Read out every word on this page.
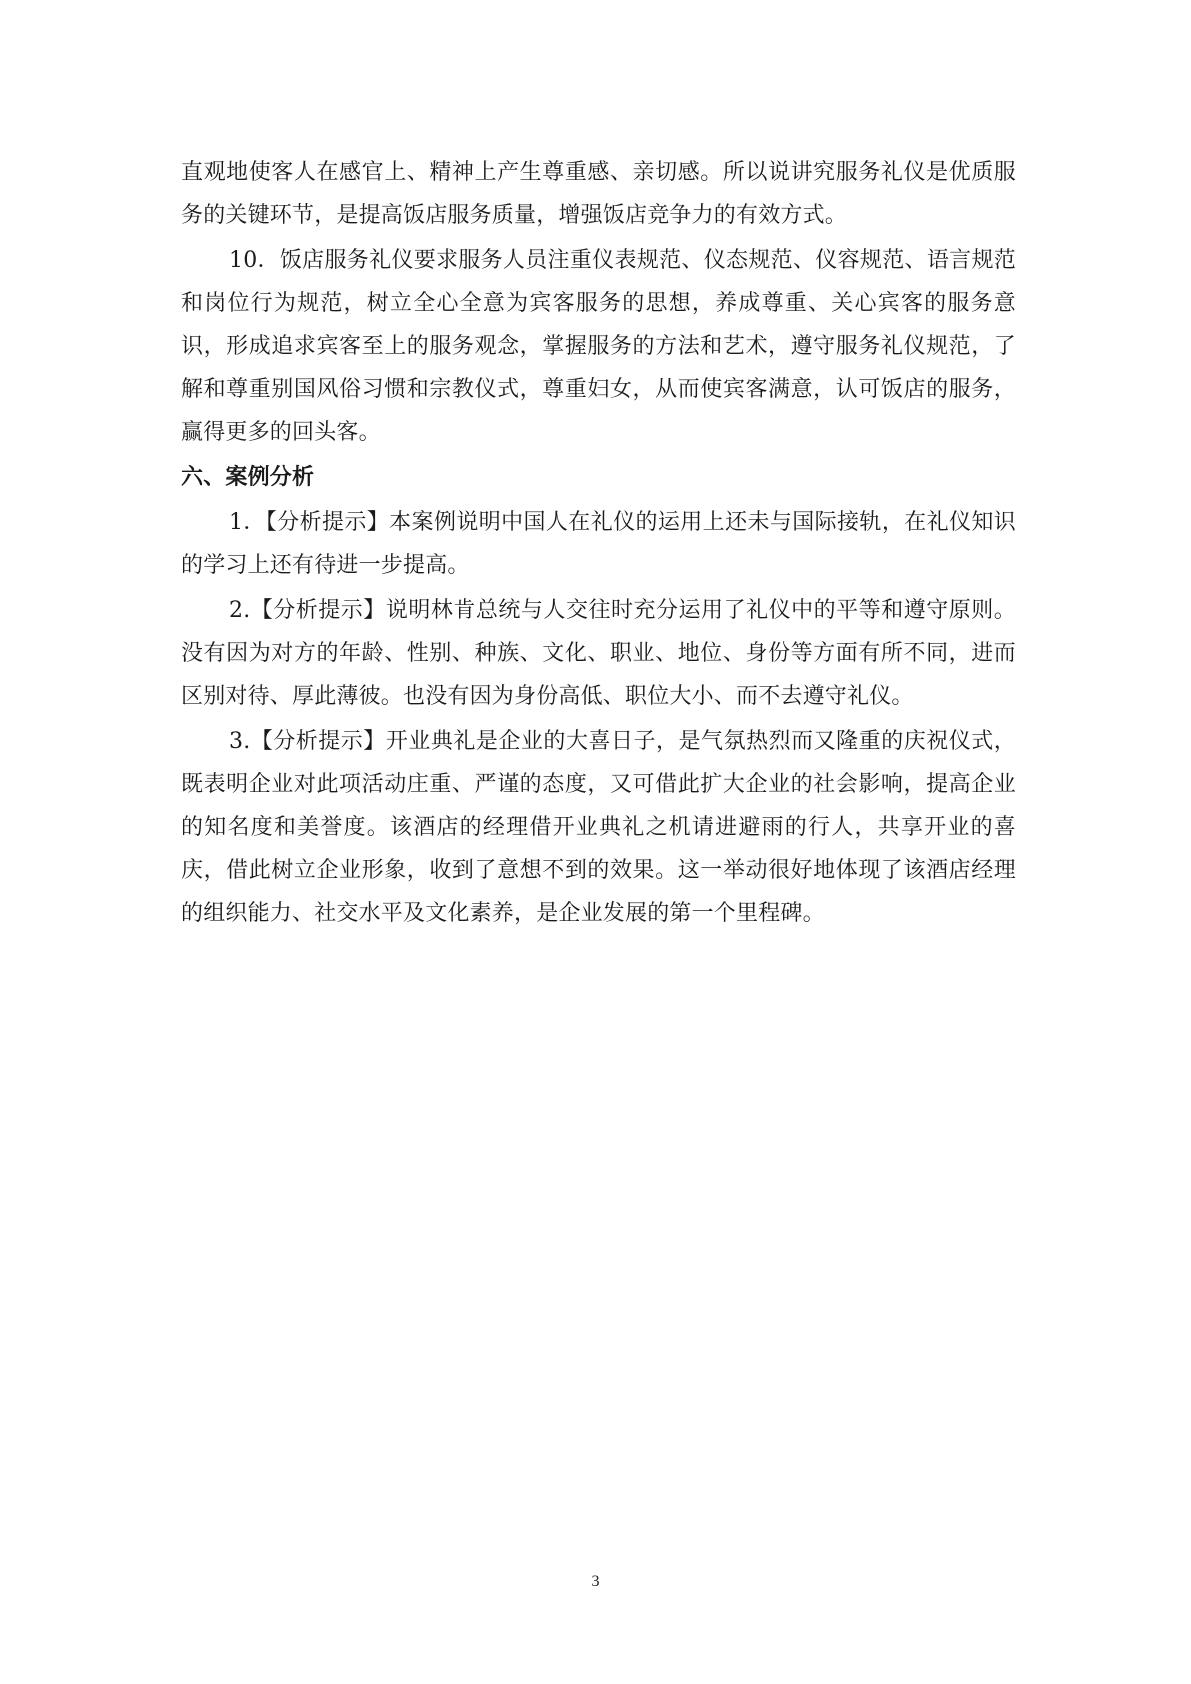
直观地使客人在感官上、精神上产生尊重感、亲切感。所以说讲究服务礼仪是优质服务的关键环节，是提高饭店服务质量，增强饭店竞争力的有效方式。

10．饭店服务礼仪要求服务人员注重仪表规范、仪态规范、仪容规范、语言规范和岗位行为规范，树立全心全意为宾客服务的思想，养成尊重、关心宾客的服务意识，形成追求宾客至上的服务观念，掌握服务的方法和艺术，遵守服务礼仪规范，了解和尊重别国风俗习惯和宗教仪式，尊重妇女，从而使宾客满意，认可饭店的服务，赢得更多的回头客。

六、案例分析

1．【分析提示】本案例说明中国人在礼仪的运用上还未与国际接轨，在礼仪知识的学习上还有待进一步提高。

2.【分析提示】说明林肯总统与人交往时充分运用了礼仪中的平等和遵守原则。没有因为对方的年龄、性别、种族、文化、职业、地位、身份等方面有所不同，进而区别对待、厚此薄彼。也没有因为身份高低、职位大小、而不去遵守礼仪。

3.【分析提示】开业典礼是企业的大喜日子，是气氛热烈而又隆重的庆祝仪式，既表明企业对此项活动庄重、严谨的态度，又可借此扩大企业的社会影响，提高企业的知名度和美誉度。该酒店的经理借开业典礼之机请进避雨的行人，共享开业的喜庆，借此树立企业形象，收到了意想不到的效果。这一举动很好地体现了该酒店经理的组织能力、社交水平及文化素养，是企业发展的第一个里程碑。

3
